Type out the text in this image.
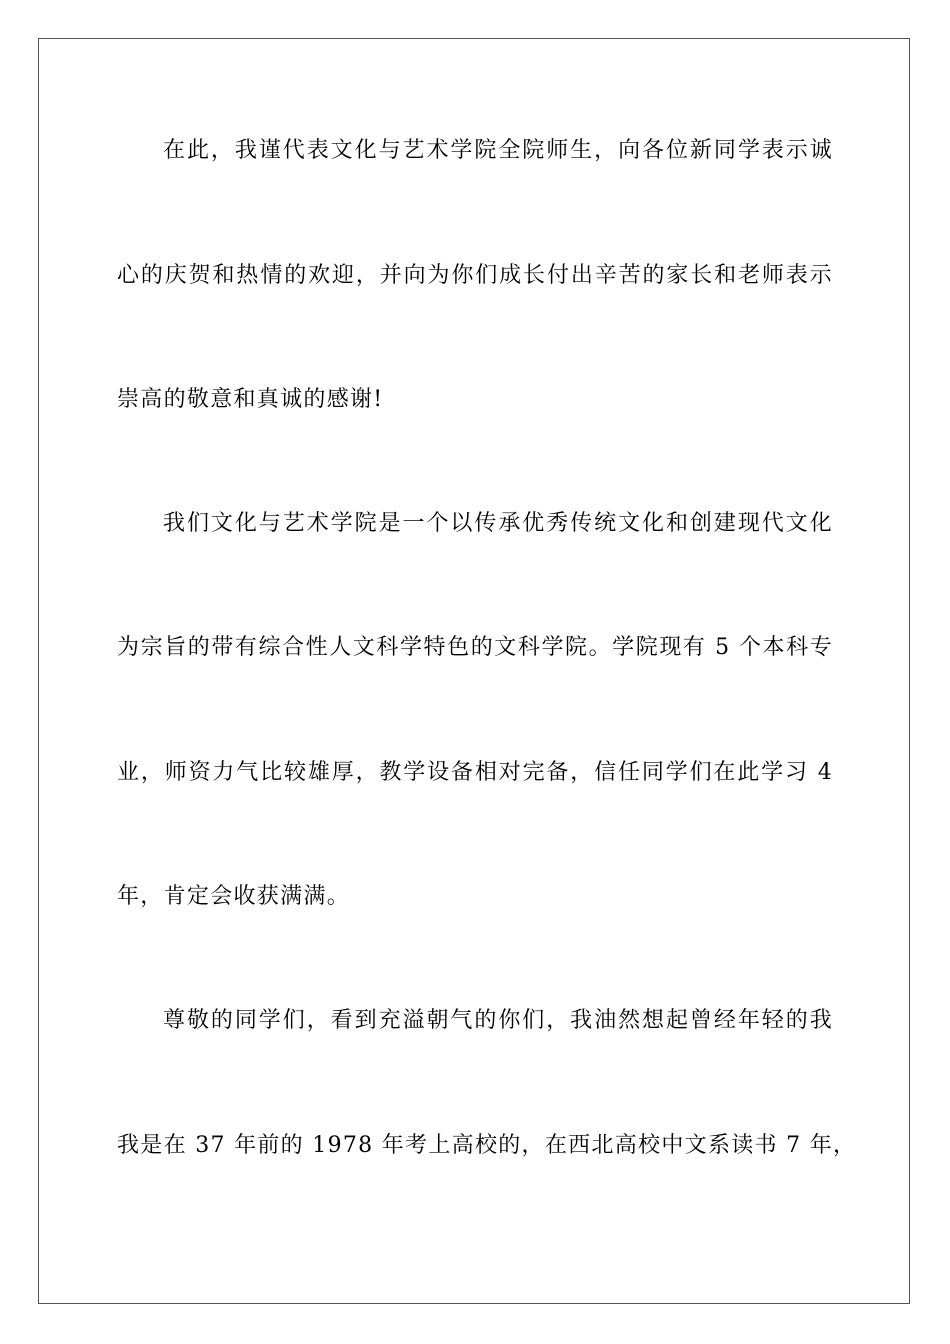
在此，我谨代表文化与艺术学院全院师生，向各位新同学表示诚
心的庆贺和热情的欢迎，并向为你们成长付出辛苦的家长和老师表示
崇高的敬意和真诚的感谢!
我们文化与艺术学院是一个以传承优秀传统文化和创建现代文化
为宗旨的带有综合性人文科学特色的文科学院。学院现有 5 个本科专
业，师资力气比较雄厚，教学设备相对完备，信任同学们在此学习 4
年，肯定会收获满满。
尊敬的同学们，看到充溢朝气的你们，我油然想起曾经年轻的我
我是在 37 年前的 1978 年考上高校的，在西北高校中文系读书 7 年，
